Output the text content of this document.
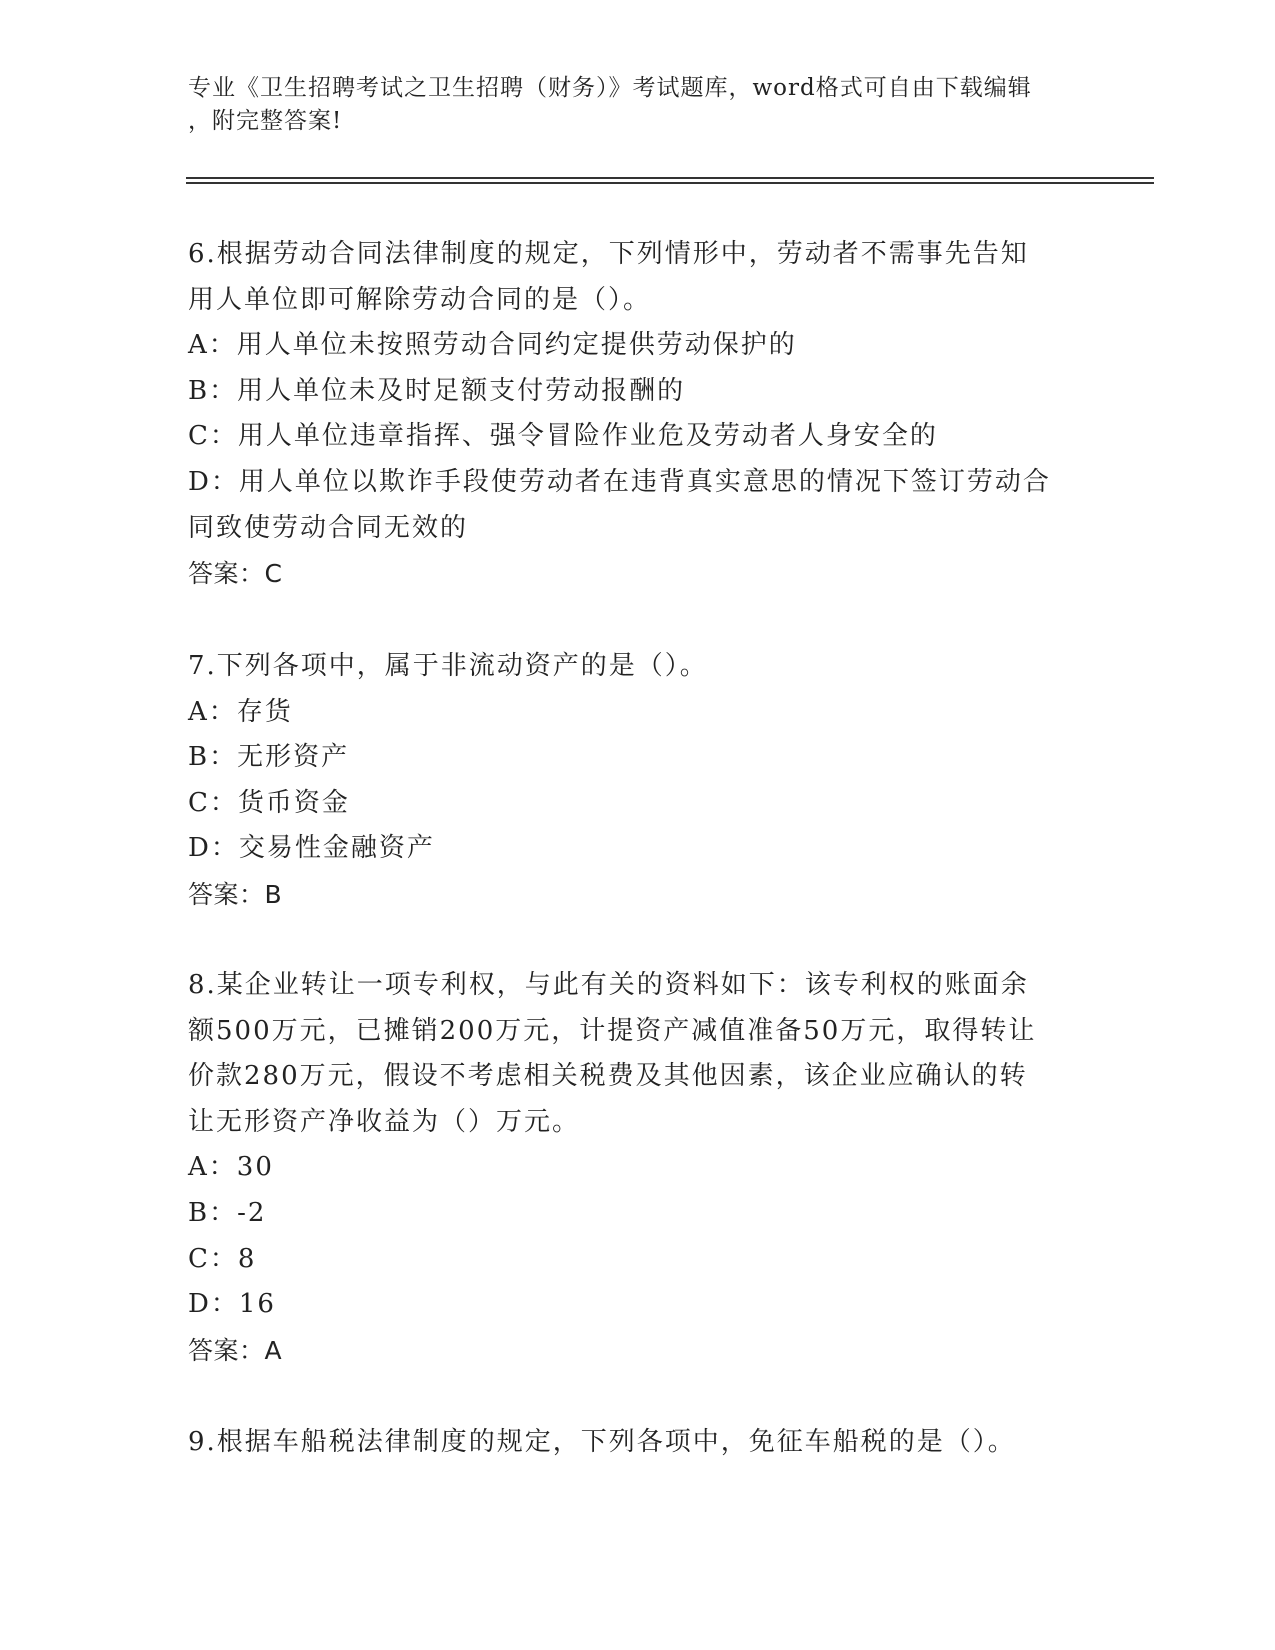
专业《卫生招聘考试之卫生招聘（财务）》考试题库，word格式可自由下载编辑
，附完整答案!
6.根据劳动合同法律制度的规定，下列情形中，劳动者不需事先告知
用人单位即可解除劳动合同的是（）。
A：用人单位未按照劳动合同约定提供劳动保护的
B：用人单位未及时足额支付劳动报酬的
C：用人单位违章指挥、强令冒险作业危及劳动者人身安全的
D：用人单位以欺诈手段使劳动者在违背真实意思的情况下签订劳动合
同致使劳动合同无效的
答案：C
7.下列各项中，属于非流动资产的是（）。
A：存货
B：无形资产
C：货币资金
D：交易性金融资产
答案：B
8.某企业转让一项专利权，与此有关的资料如下：该专利权的账面余
额500万元，已摊销200万元，计提资产减值准备50万元，取得转让
价款280万元，假设不考虑相关税费及其他因素，该企业应确认的转
让无形资产净收益为（）万元。
A：30
B：-2
C：8
D：16
答案：A
9.根据车船税法律制度的规定，下列各项中，免征车船税的是（）。
